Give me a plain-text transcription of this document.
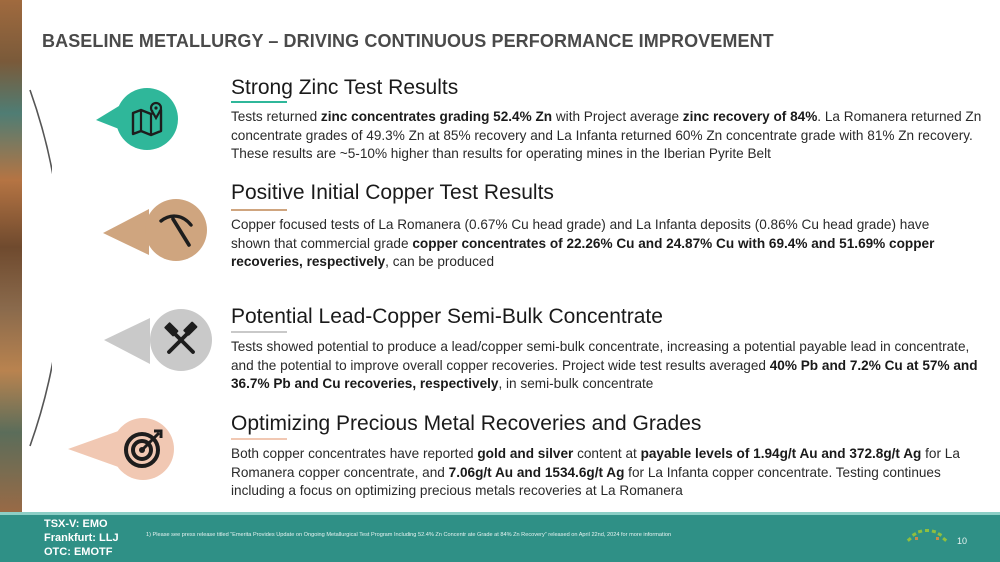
BASELINE METALLURGY – DRIVING CONTINUOUS PERFORMANCE IMPROVEMENT
Strong Zinc Test Results
Tests returned zinc concentrates grading 52.4% Zn with Project average zinc recovery of 84%. La Romanera returned Zn concentrate grades of 49.3% Zn at 85% recovery and La Infanta returned 60% Zn concentrate grade with 81% Zn recovery. These results are ~5-10% higher than results for operating mines in the Iberian Pyrite Belt
Positive Initial Copper Test Results
Copper focused tests of La Romanera (0.67% Cu head grade) and La Infanta deposits (0.86% Cu head grade) have shown that commercial grade copper concentrates of 22.26% Cu and 24.87% Cu with 69.4% and 51.69% copper recoveries, respectively, can be produced
Potential Lead-Copper Semi-Bulk Concentrate
Tests showed potential to produce a lead/copper semi-bulk concentrate, increasing a potential payable lead in concentrate, and the potential to improve overall copper recoveries. Project wide test results averaged 40% Pb and 7.2% Cu at 57% and 36.7% Pb and Cu recoveries, respectively, in semi-bulk concentrate
Optimizing Precious Metal Recoveries and Grades
Both copper concentrates have reported gold and silver content at payable levels of 1.94g/t Au and 372.8g/t Ag for La Romanera copper concentrate, and 7.06g/t Au and 1534.6g/t Ag for La Infanta copper concentrate. Testing continues including a focus on optimizing precious metals recoveries at La Romanera
TSX-V: EMO
Frankfurt: LLJ
OTC: EMOTF
1) Please see press release titled “Emerita Provides Update on Ongoing Metallurgical Test Program Including 52.4% Zn Concentr ate Grade at 84% Zn Recovery” released on April 22nd, 2024 for more information
10
